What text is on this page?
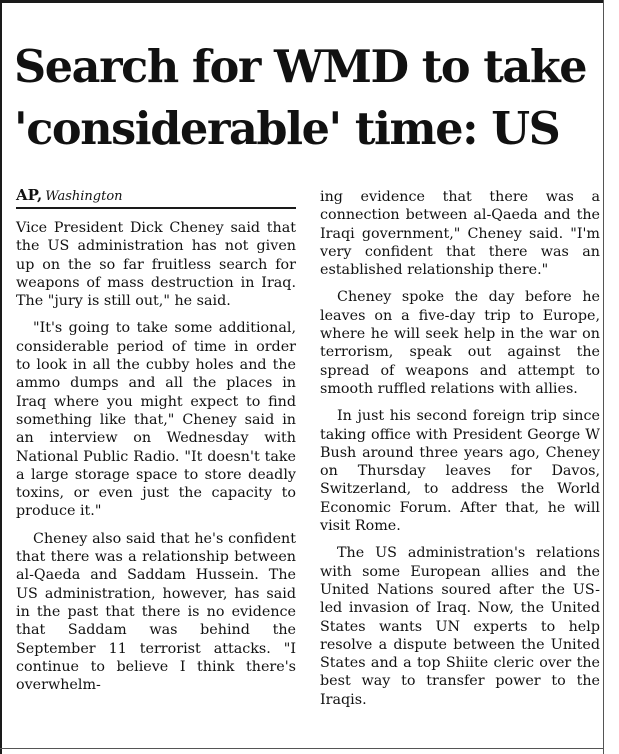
Search for WMD to take
'considerable' time: US
AP, Washington

Vice President Dick Cheney said that the US administration has not given up on the so far fruitless search for weapons of mass destruction in Iraq. The "jury is still out," he said.

"It's going to take some additional, considerable period of time in order to look in all the cubby holes and the ammo dumps and all the places in Iraq where you might expect to find something like that," Cheney said in an interview on Wednesday with National Public Radio. "It doesn't take a large storage space to store deadly toxins, or even just the capacity to produce it."

Cheney also said that he's confident that there was a relationship between al-Qaeda and Saddam Hussein. The US administration, however, has said in the past that there is no evidence that Saddam was behind the September 11 terrorist attacks. "I continue to believe I think there's overwhelm-

ing evidence that there was a connection between al-Qaeda and the Iraqi government," Cheney said. "I'm very confident that there was an established relationship there."

Cheney spoke the day before he leaves on a five-day trip to Europe, where he will seek help in the war on terrorism, speak out against the spread of weapons and attempt to smooth ruffled relations with allies.

In just his second foreign trip since taking office with President George W Bush around three years ago, Cheney on Thursday leaves for Davos, Switzerland, to address the World Economic Forum. After that, he will visit Rome.

The US administration's relations with some European allies and the United Nations soured after the US-led invasion of Iraq. Now, the United States wants UN experts to help resolve a dispute between the United States and a top Shiite cleric over the best way to transfer power to the Iraqis.
